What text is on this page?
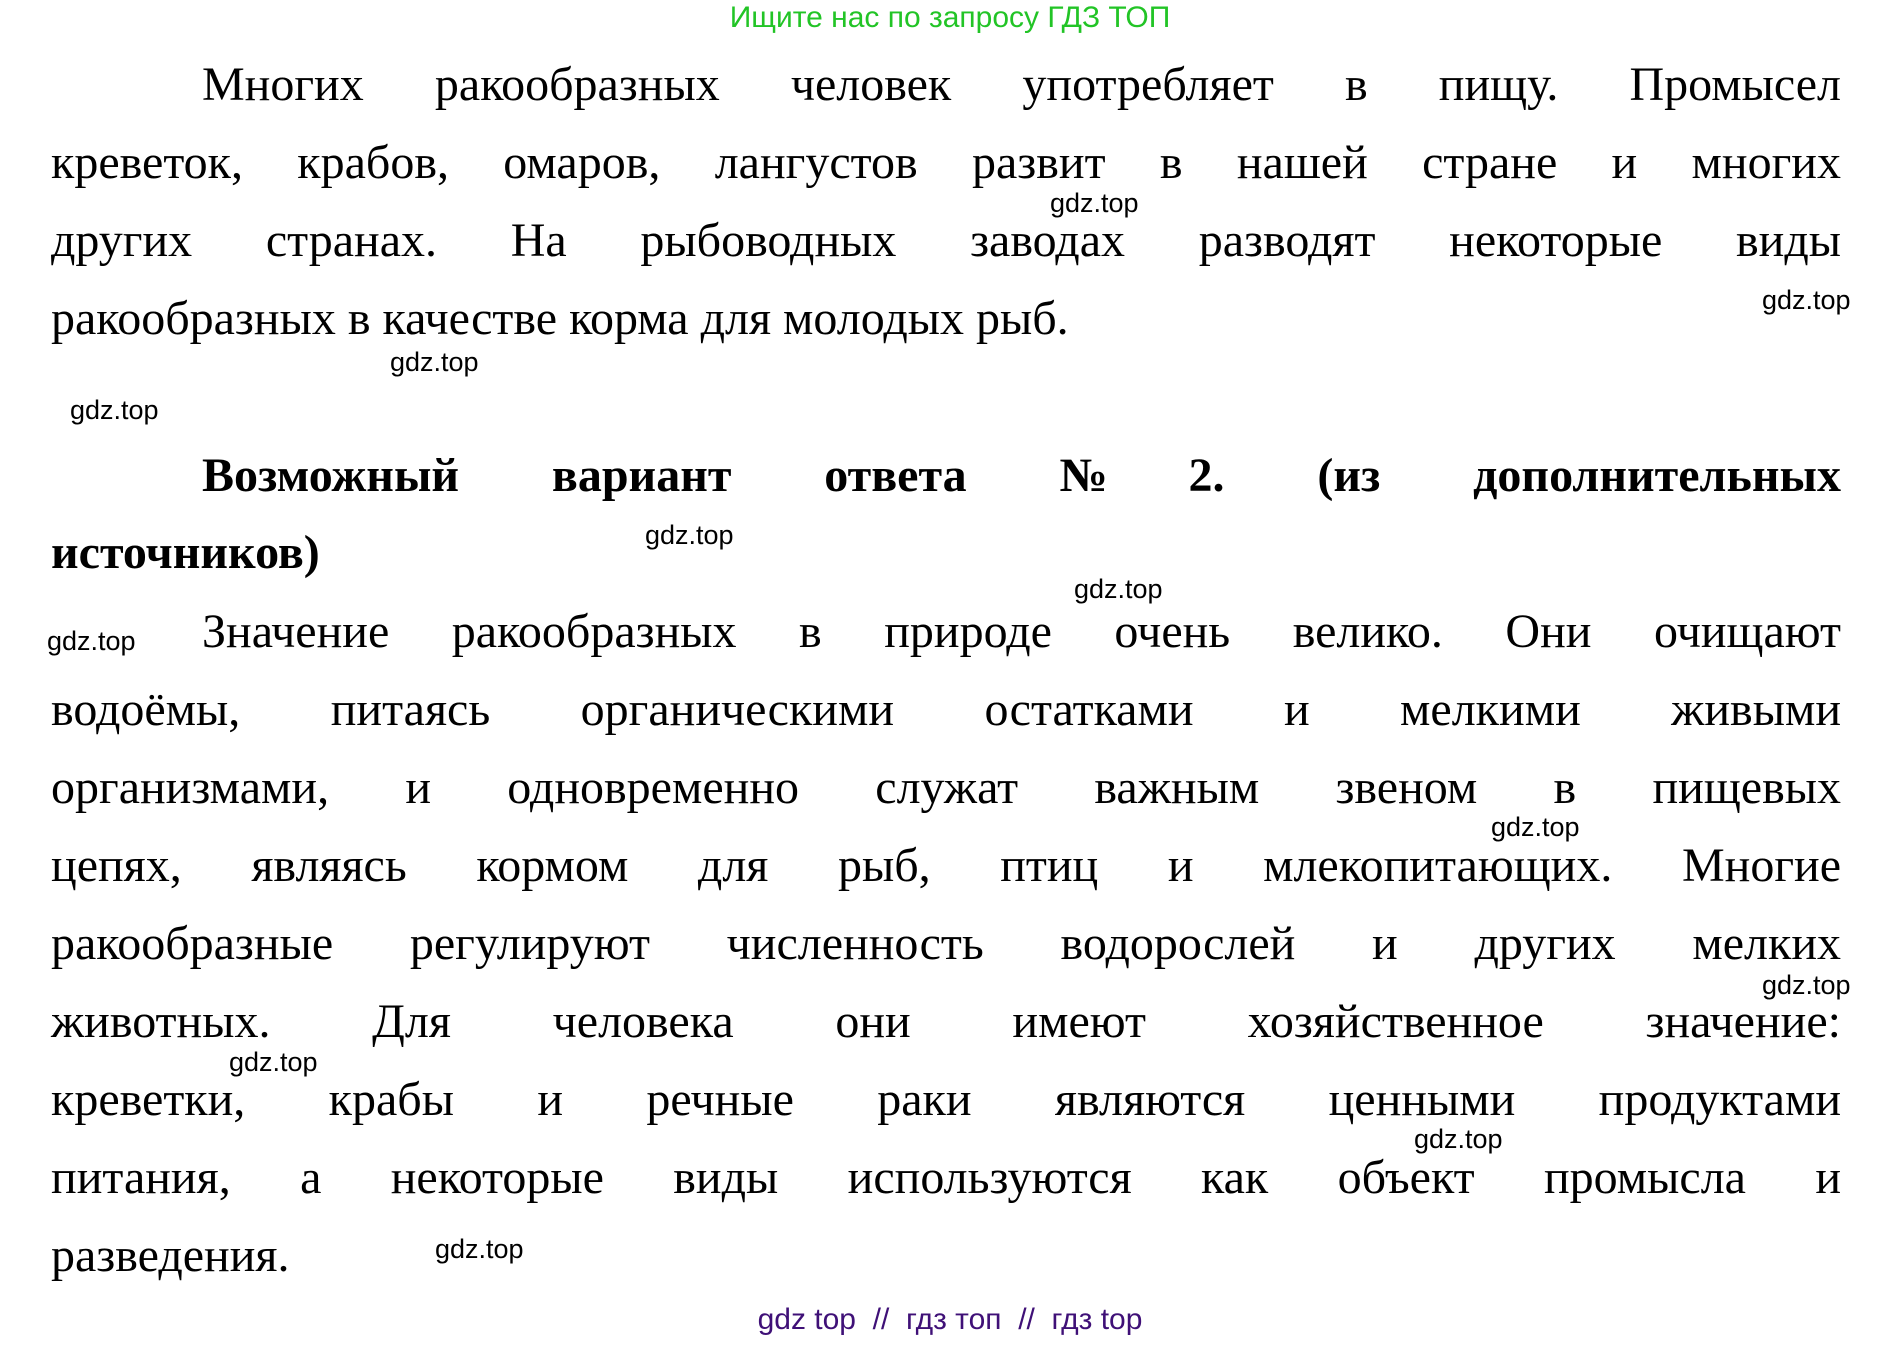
Ищите нас по запросу ГДЗ ТОП
Многих ракообразных человек употребляет в пищу. Промысел
креветок, крабов, омаров, лангустов развит в нашей стране и многих
других странах. На рыбоводных заводах разводят некоторые виды
ракообразных в качестве корма для молодых рыб.
Возможный вариант ответа №2. (из дополнительных
источников)
Значение ракообразных в природе очень велико. Они очищают
водоёмы, питаясь органическими остатками и мелкими живыми
организмами, и одновременно служат важным звеном в пищевых
цепях, являясь кормом для рыб, птиц и млекопитающих. Многие
ракообразные регулируют численность водорослей и других мелких
животных. Для человека они имеют хозяйственное значение:
креветки, крабы и речные раки являются ценными продуктами
питания, а некоторые виды используются как объект промысла и
разведения.
gdz.top
gdz.top
gdz.top
gdz.top
gdz.top
gdz.top
gdz.top
gdz.top
gdz.top
gdz.top
gdz.top
gdz.top
gdz top  //  гдз топ  //  гдз top
